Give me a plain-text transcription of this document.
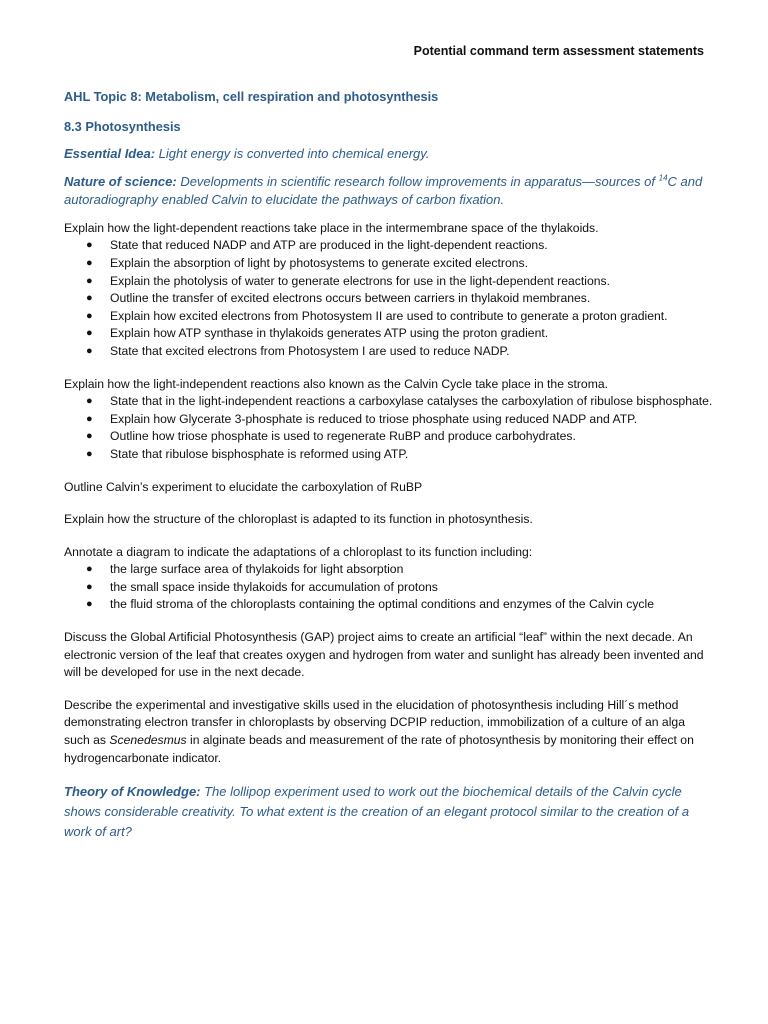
Potential command term assessment statements

AHL Topic 8: Metabolism, cell respiration and photosynthesis

8.3 Photosynthesis

Essential Idea: Light energy is converted into chemical energy.

Nature of science: Developments in scientific research follow improvements in apparatus—sources of $^{14}$C and autoradiography enabled Calvin to elucidate the pathways of carbon fixation.

Explain how the light-dependent reactions take place in the intermembrane space of the thylakoids.

● State that reduced NADP and ATP are produced in the light-dependent reactions.
● Explain the absorption of light by photosystems to generate excited electrons.
● Explain the photolysis of water to generate electrons for use in the light-dependent reactions.
● Outline the transfer of excited electrons occurs between carriers in thylakoid membranes.
● Explain how excited electrons from Photosystem II are used to contribute to generate a proton gradient.
● Explain how ATP synthase in thylakoids generates ATP using the proton gradient.
● State that excited electrons from Photosystem I are used to reduce NADP.

Explain how the light-independent reactions also known as the Calvin Cycle take place in the stroma.

● State that in the light-independent reactions a carboxylase catalyses the carboxylation of ribulose bisphosphate.
● Explain how Glycerate 3-phosphate is reduced to triose phosphate using reduced NADP and ATP.
● Outline how triose phosphate is used to regenerate RuBP and produce carbohydrates.
● State that ribulose bisphosphate is reformed using ATP.

Outline Calvin’s experiment to elucidate the carboxylation of RuBP

Explain how the structure of the chloroplast is adapted to its function in photosynthesis.

Annotate a diagram to indicate the adaptations of a chloroplast to its function including:

● the large surface area of thylakoids for light absorption
● the small space inside thylakoids for accumulation of protons
● the fluid stroma of the chloroplasts containing the optimal conditions and enzymes of the Calvin cycle

Discuss the Global Artificial Photosynthesis (GAP) project aims to create an artificial “leaf” within the next decade. An electronic version of the leaf that creates oxygen and hydrogen from water and sunlight has already been invented and will be developed for use in the next decade.

Describe the experimental and investigative skills used in the elucidation of photosynthesis including Hill´s method demonstrating electron transfer in chloroplasts by observing DCPIP reduction, immobilization of a culture of an alga such as Scenedesmus in alginate beads and measurement of the rate of photosynthesis by monitoring their effect on hydrogencarbonate indicator.

Theory of Knowledge: The lollipop experiment used to work out the biochemical details of the Calvin cycle shows considerable creativity. To what extent is the creation of an elegant protocol similar to the creation of a work of art?
